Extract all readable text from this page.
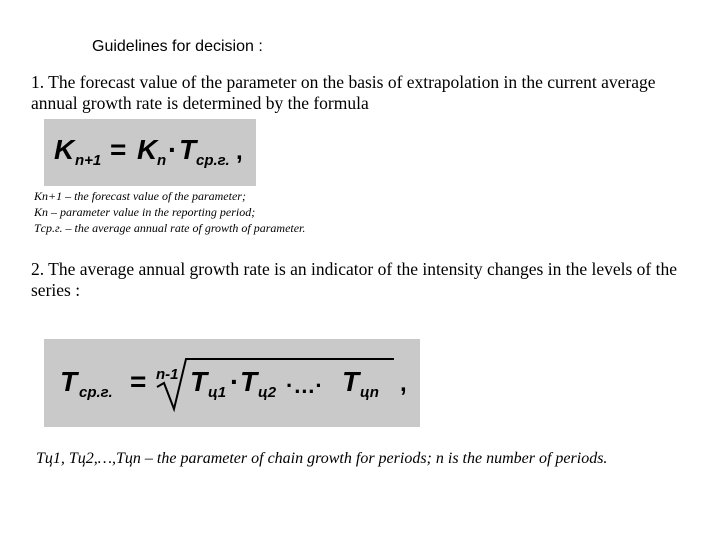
Guidelines for decision :
1. The forecast value of the parameter on the basis of extrapolation in the current average annual growth rate is determined by the formula
K n+1 = K n · T ср.г. ,
Kn+1 – the forecast value of the parameter;
Kn – parameter value in the reporting period;
Tср.г. – the average annual rate of growth of parameter.
2. The average annual growth rate is an indicator of the intensity changes in the levels of the series :
T ср.г. = n-1 T ц1 · T ц2 ·…· T цn ,
Tц1, Tц2,…,Tцn – the parameter of chain growth for periods; n is the number of periods.
